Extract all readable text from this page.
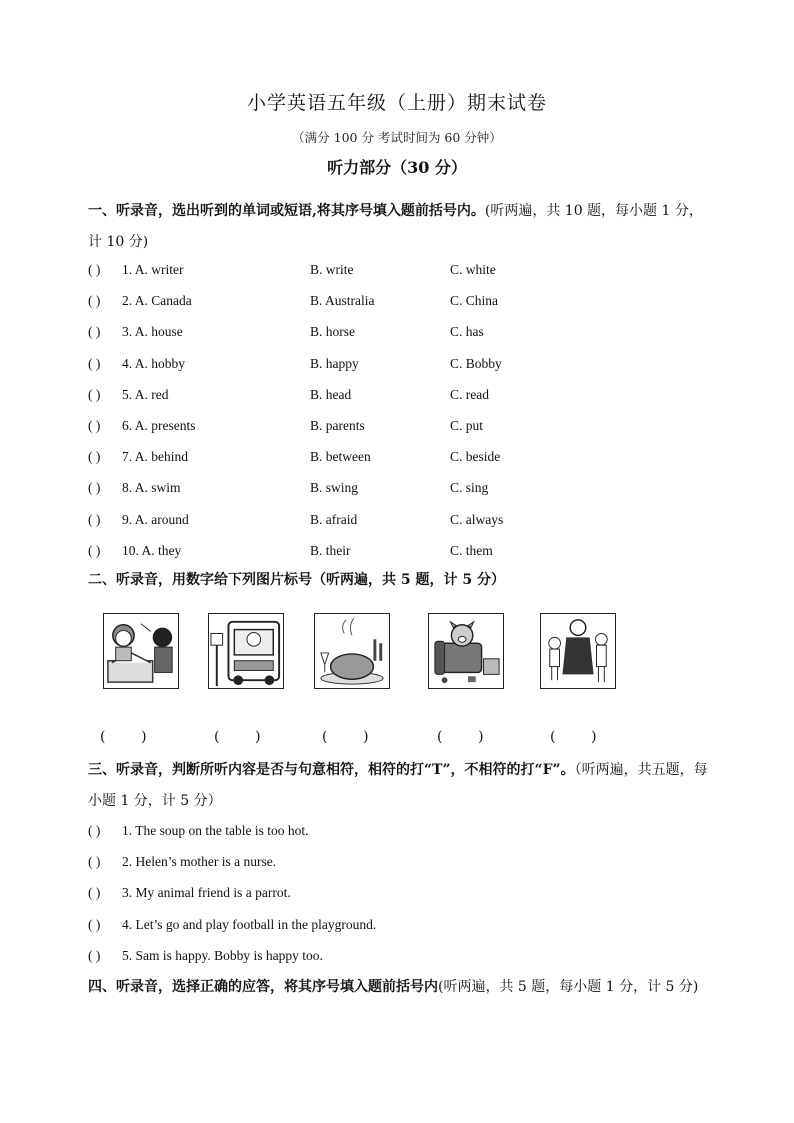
小学英语五年级（上册）期末试卷
（满分 100 分 考试时间为 60 分钟）
听力部分（30 分）
一、听录音，选出听到的单词或短语,将其序号填入题前括号内。(听两遍，共 10 题，每小题 1 分，计 10 分)
( ) 1. A. writer	B. write	C. white
( ) 2. A. Canada	B. Australia	C. China
( ) 3. A. house	B. horse	C. has
( ) 4. A. hobby	B. happy	C. Bobby
( ) 5. A. red	B. head	C. read
( ) 6. A. presents	B. parents	C. put
( ) 7. A. behind	B. between	C. beside
( ) 8. A. swim	B. swing	C. sing
( ) 9. A. around	B. afraid	C. always
( ) 10. A. they	B. their	C. them
二、听录音，用数字给下列图片标号（听两遍，共 5 题，计 5 分）
(        )	(        )	(        )	(        )	(        )
三、听录音，判断所听内容是否与句意相符，相符的打“T”，不相符的打“F”。（听两遍，共五题，每小题 1 分，计 5 分）
( ) 1. The soup on the table is too hot.
( ) 2. Helen’s mother is a nurse.
( ) 3. My animal friend is a parrot.
( ) 4. Let’s go and play football in the playground.
( ) 5. Sam is happy. Bobby is happy too.
四、听录音，选择正确的应答，将其序号填入题前括号内(听两遍，共 5 题，每小题 1 分，计 5 分)
